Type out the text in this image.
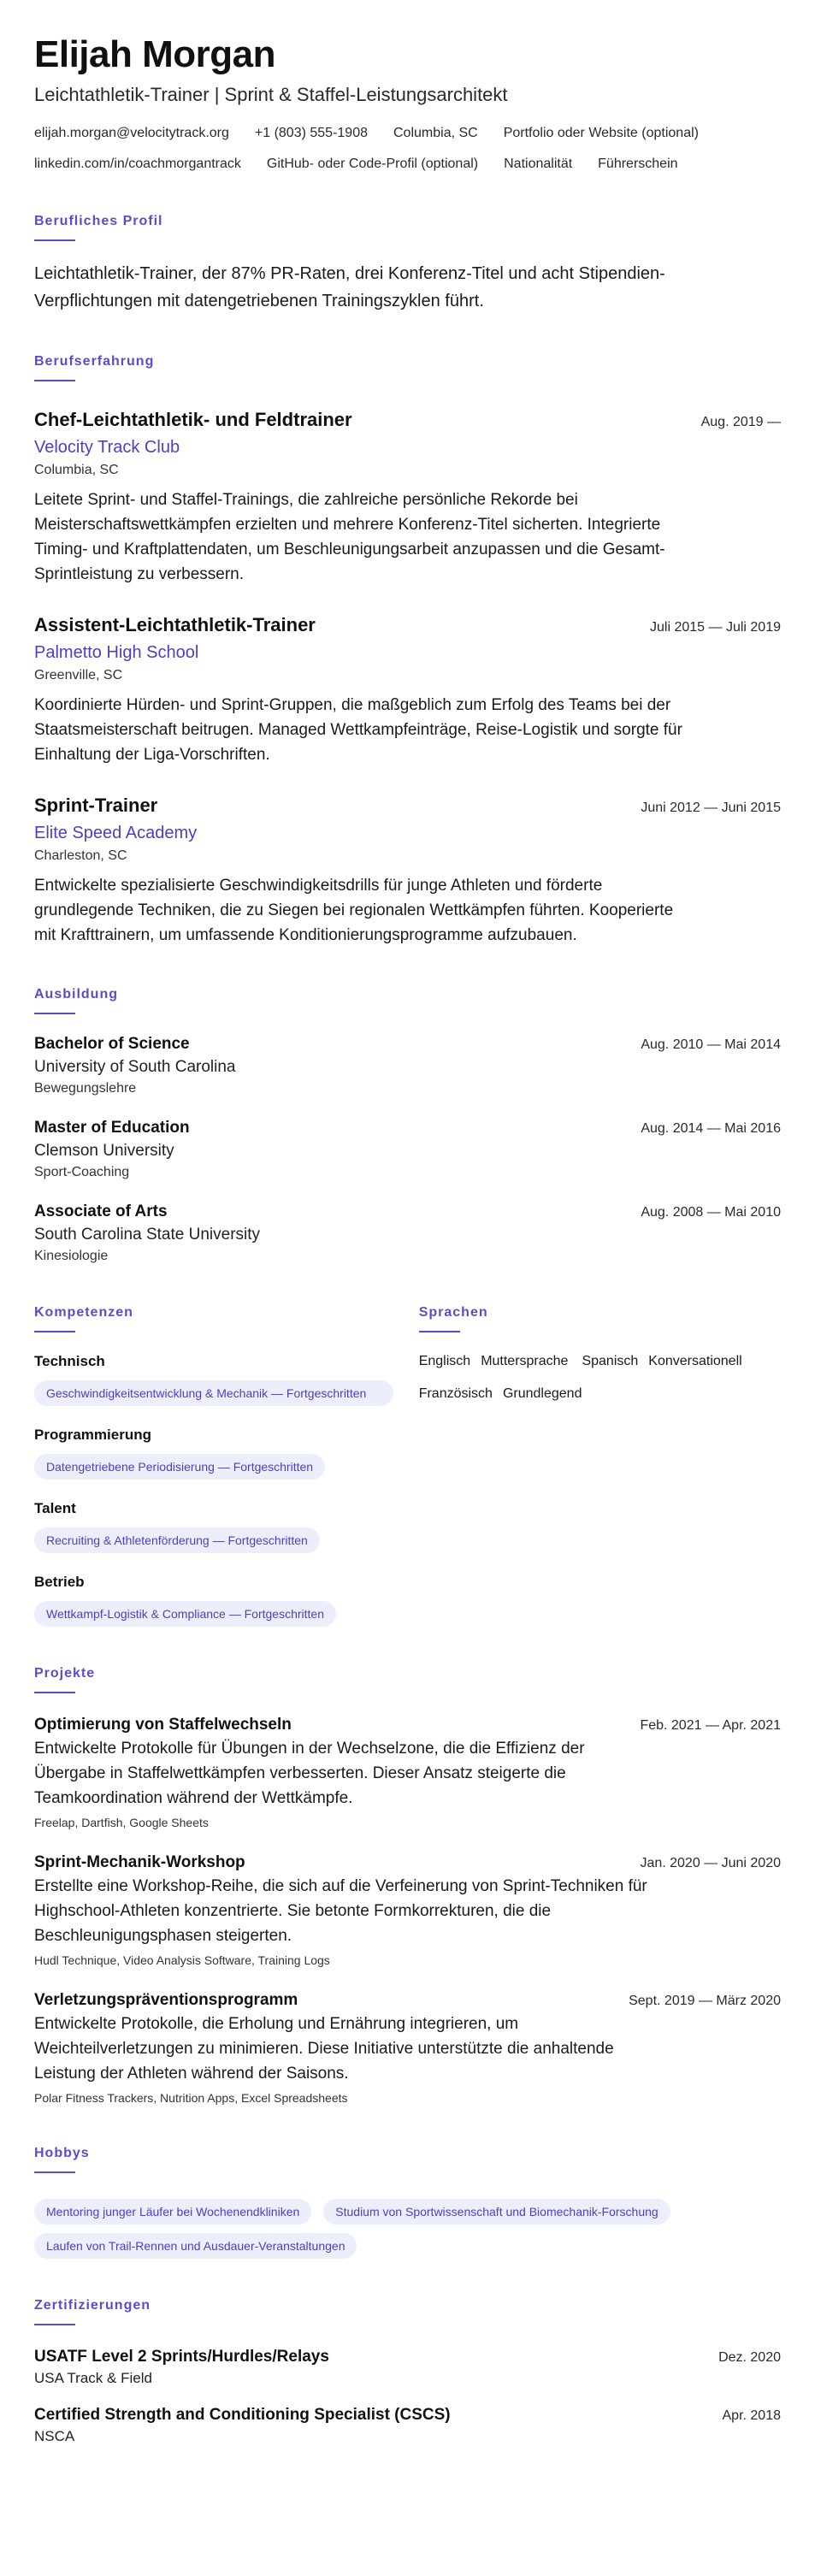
Elijah Morgan
Leichtathletik-Trainer | Sprint & Staffel-Leistungsarchitekt
elijah.morgan@velocitytrack.org +1 (803) 555-1908 Columbia, SC Portfolio oder Website (optional)
linkedin.com/in/coachmorgantrack GitHub- oder Code-Profil (optional) Nationalität Führerschein
Berufliches Profil
Leichtathletik-Trainer, der 87% PR-Raten, drei Konferenz-Titel und acht Stipendien-Verpflichtungen mit datengetriebenen Trainingszyklen führt.
Berufserfahrung
Chef-Leichtathletik- und Feldtrainer	Aug. 2019 —
Velocity Track Club
Columbia, SC
Leitete Sprint- und Staffel-Trainings, die zahlreiche persönliche Rekorde bei Meisterschaftswettkämpfen erzielten und mehrere Konferenz-Titel sicherten. Integrierte Timing- und Kraftplattendaten, um Beschleunigungsarbeit anzupassen und die Gesamt-Sprintleistung zu verbessern.
Assistent-Leichtathletik-Trainer	Juli 2015 — Juli 2019
Palmetto High School
Greenville, SC
Koordinierte Hürden- und Sprint-Gruppen, die maßgeblich zum Erfolg des Teams bei der Staatsmeisterschaft beitrugen. Managed Wettkampfeinträge, Reise-Logistik und sorgte für Einhaltung der Liga-Vorschriften.
Sprint-Trainer	Juni 2012 — Juni 2015
Elite Speed Academy
Charleston, SC
Entwickelte spezialisierte Geschwindigkeitsdrills für junge Athleten und förderte grundlegende Techniken, die zu Siegen bei regionalen Wettkämpfen führten. Kooperierte mit Krafttrainern, um umfassende Konditionierungsprogramme aufzubauen.
Ausbildung
Bachelor of Science	Aug. 2010 — Mai 2014
University of South Carolina
Bewegungslehre
Master of Education	Aug. 2014 — Mai 2016
Clemson University
Sport-Coaching
Associate of Arts	Aug. 2008 — Mai 2010
South Carolina State University
Kinesiologie
Kompetenzen
Technisch
Geschwindigkeitsentwicklung & Mechanik — Fortgeschritten
Programmierung
Datengetriebene Periodisierung — Fortgeschritten
Talent
Recruiting & Athletenförderung — Fortgeschritten
Betrieb
Wettkampf-Logistik & Compliance — Fortgeschritten
Sprachen
Englisch Muttersprache Spanisch Konversationell
Französisch Grundlegend
Projekte
Optimierung von Staffelwechseln	Feb. 2021 — Apr. 2021
Entwickelte Protokolle für Übungen in der Wechselzone, die die Effizienz der Übergabe in Staffelwettkämpfen verbesserten. Dieser Ansatz steigerte die Teamkoordination während der Wettkämpfe.
Freelap, Dartfish, Google Sheets
Sprint-Mechanik-Workshop	Jan. 2020 — Juni 2020
Erstellte eine Workshop-Reihe, die sich auf die Verfeinerung von Sprint-Techniken für Highschool-Athleten konzentrierte. Sie betonte Formkorrekturen, die die Beschleunigungsphasen steigerten.
Hudl Technique, Video Analysis Software, Training Logs
Verletzungspräventionsprogramm	Sept. 2019 — März 2020
Entwickelte Protokolle, die Erholung und Ernährung integrieren, um Weichteilverletzungen zu minimieren. Diese Initiative unterstützte die anhaltende Leistung der Athleten während der Saisons.
Polar Fitness Trackers, Nutrition Apps, Excel Spreadsheets
Hobbys
Mentoring junger Läufer bei Wochenendkliniken	Studium von Sportwissenschaft und Biomechanik-Forschung
Laufen von Trail-Rennen und Ausdauer-Veranstaltungen
Zertifizierungen
USATF Level 2 Sprints/Hurdles/Relays	Dez. 2020
USA Track & Field
Certified Strength and Conditioning Specialist (CSCS)	Apr. 2018
NSCA
